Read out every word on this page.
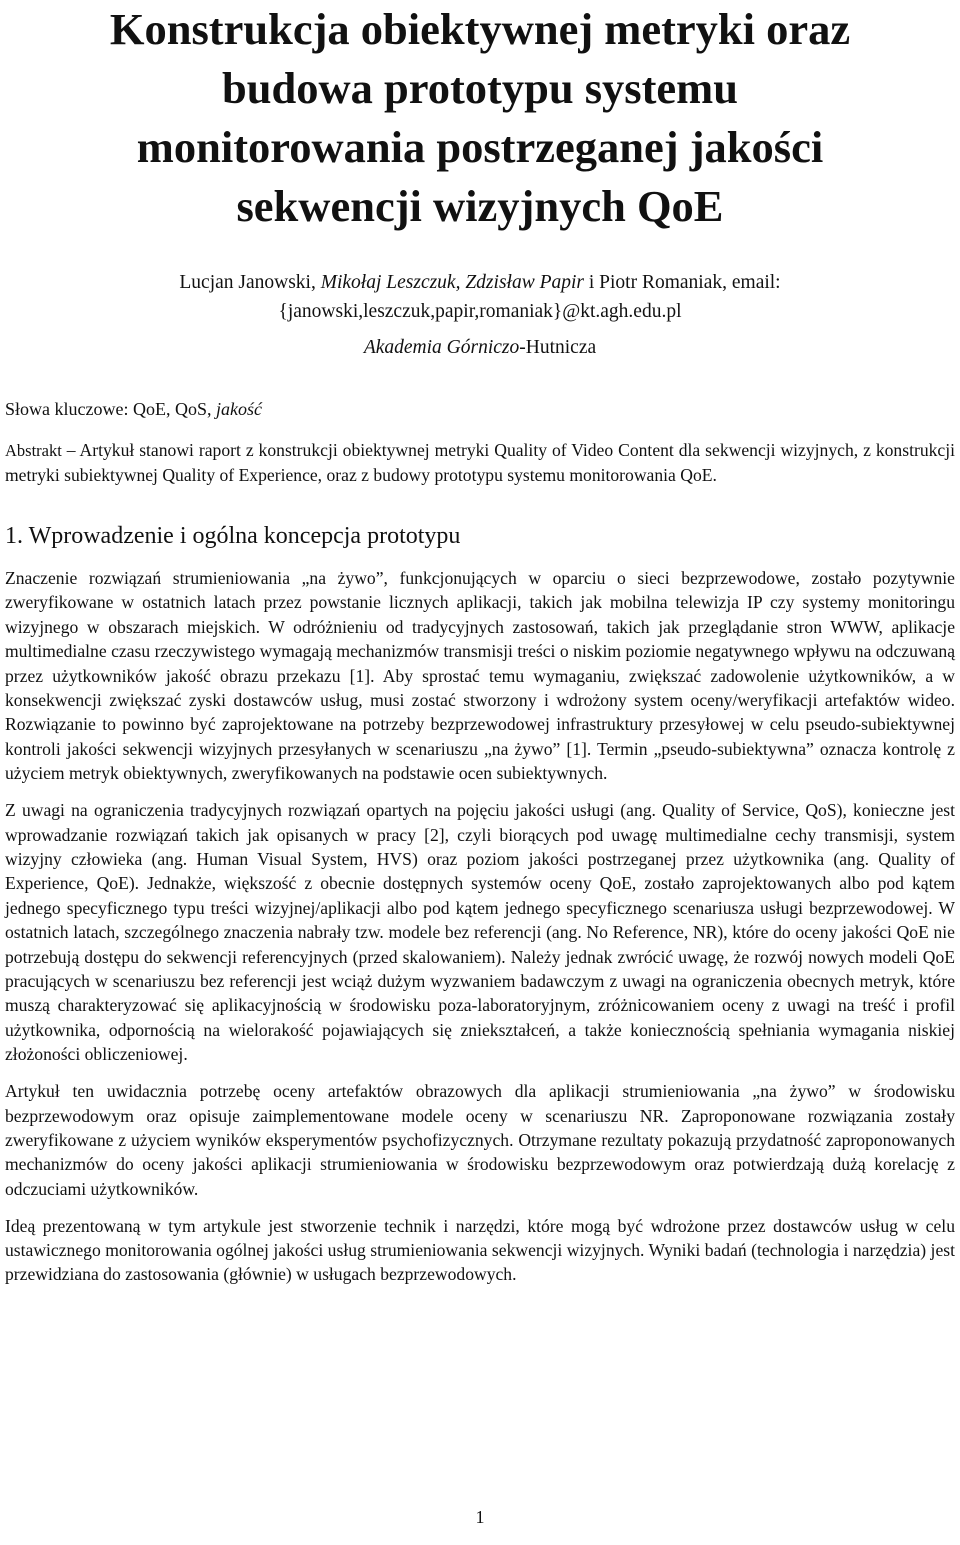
Konstrukcja obiektywnej metryki oraz
budowa prototypu systemu
monitorowania postrzeganej jakości
sekwencji wizyjnych QoE
Lucjan Janowski, Mikołaj Leszczuk, Zdzisław Papir i Piotr Romaniak, email:
{janowski,leszczuk,papir,romaniak}@kt.agh.edu.pl
Akademia Górniczo-Hutnicza
Słowa kluczowe: QoE, QoS, jakość
Abstrakt – Artykuł stanowi raport z konstrukcji obiektywnej metryki Quality of Video Content dla sekwencji wizyjnych, z konstrukcji metryki subiektywnej Quality of Experience, oraz z budowy prototypu systemu monitorowania QoE.
1. Wprowadzenie i ogólna koncepcja prototypu

Znaczenie rozwiązań strumieniowania „na żywo”, funkcjonujących w oparciu o sieci bezprzewodowe, zostało pozytywnie zweryfikowane w ostatnich latach przez powstanie licznych aplikacji, takich jak mobilna telewizja IP czy systemy monitoringu wizyjnego w obszarach miejskich. W odróżnieniu od tradycyjnych zastosowań, takich jak przeglądanie stron WWW, aplikacje multimedialne czasu rzeczywistego wymagają mechanizmów transmisji treści o niskim poziomie negatywnego wpływu na odczuwaną przez użytkowników jakość obrazu przekazu [1]. Aby sprostać temu wymaganiu, zwiększać zadowolenie użytkowników, a w konsekwencji zwiększać zyski dostawców usług, musi zostać stworzony i wdrożony system oceny/weryfikacji artefaktów wideo. Rozwiązanie to powinno być zaprojektowane na potrzeby bezprzewodowej infrastruktury przesyłowej w celu pseudo-subiektywnej kontroli jakości sekwencji wizyjnych przesyłanych w scenariuszu „na żywo” [1]. Termin „pseudo-subiektywna” oznacza kontrolę z użyciem metryk obiektywnych, zweryfikowanych na podstawie ocen subiektywnych.

Z uwagi na ograniczenia tradycyjnych rozwiązań opartych na pojęciu jakości usługi (ang. Quality of Service, QoS), konieczne jest wprowadzanie rozwiązań takich jak opisanych w pracy [2], czyli biorących pod uwagę multimedialne cechy transmisji, system wizyjny człowieka (ang. Human Visual System, HVS) oraz poziom jakości postrzeganej przez użytkownika (ang. Quality of Experience, QoE). Jednakże, większość z obecnie dostępnych systemów oceny QoE, zostało zaprojektowanych albo pod kątem jednego specyficznego typu treści wizyjnej/aplikacji albo pod kątem jednego specyficznego scenariusza usługi bezprzewodowej. W ostatnich latach, szczególnego znaczenia nabrały tzw. modele bez referencji (ang. No Reference, NR), które do oceny jakości QoE nie potrzebują dostępu do sekwencji referencyjnych (przed skalowaniem). Należy jednak zwrócić uwagę, że rozwój nowych modeli QoE pracujących w scenariuszu bez referencji jest wciąż dużym wyzwaniem badawczym z uwagi na ograniczenia obecnych metryk, które muszą charakteryzować się aplikacyjnością w środowisku poza-laboratoryjnym, zróżnicowaniem oceny z uwagi na treść i profil użytkownika, odpornością na wielorakość pojawiających się zniekształceń, a także koniecznością spełniania wymagania niskiej złożoności obliczeniowej.

Artykuł ten uwidacznia potrzebę oceny artefaktów obrazowych dla aplikacji strumieniowania „na żywo” w środowisku bezprzewodowym oraz opisuje zaimplementowane modele oceny w scenariuszu NR. Zaproponowane rozwiązania zostały zweryfikowane z użyciem wyników eksperymentów psychofizycznych. Otrzymane rezultaty pokazują przydatność zaproponowanych mechanizmów do oceny jakości aplikacji strumieniowania w środowisku bezprzewodowym oraz potwierdzają dużą korelację z odczuciami użytkowników.

Ideą prezentowaną w tym artykule jest stworzenie technik i narzędzi, które mogą być wdrożone przez dostawców usług w celu ustawicznego monitorowania ogólnej jakości usług strumieniowania sekwencji wizyjnych. Wyniki badań (technologia i narzędzia) jest przewidziana do zastosowania (głównie) w usługach bezprzewodowych.

1
